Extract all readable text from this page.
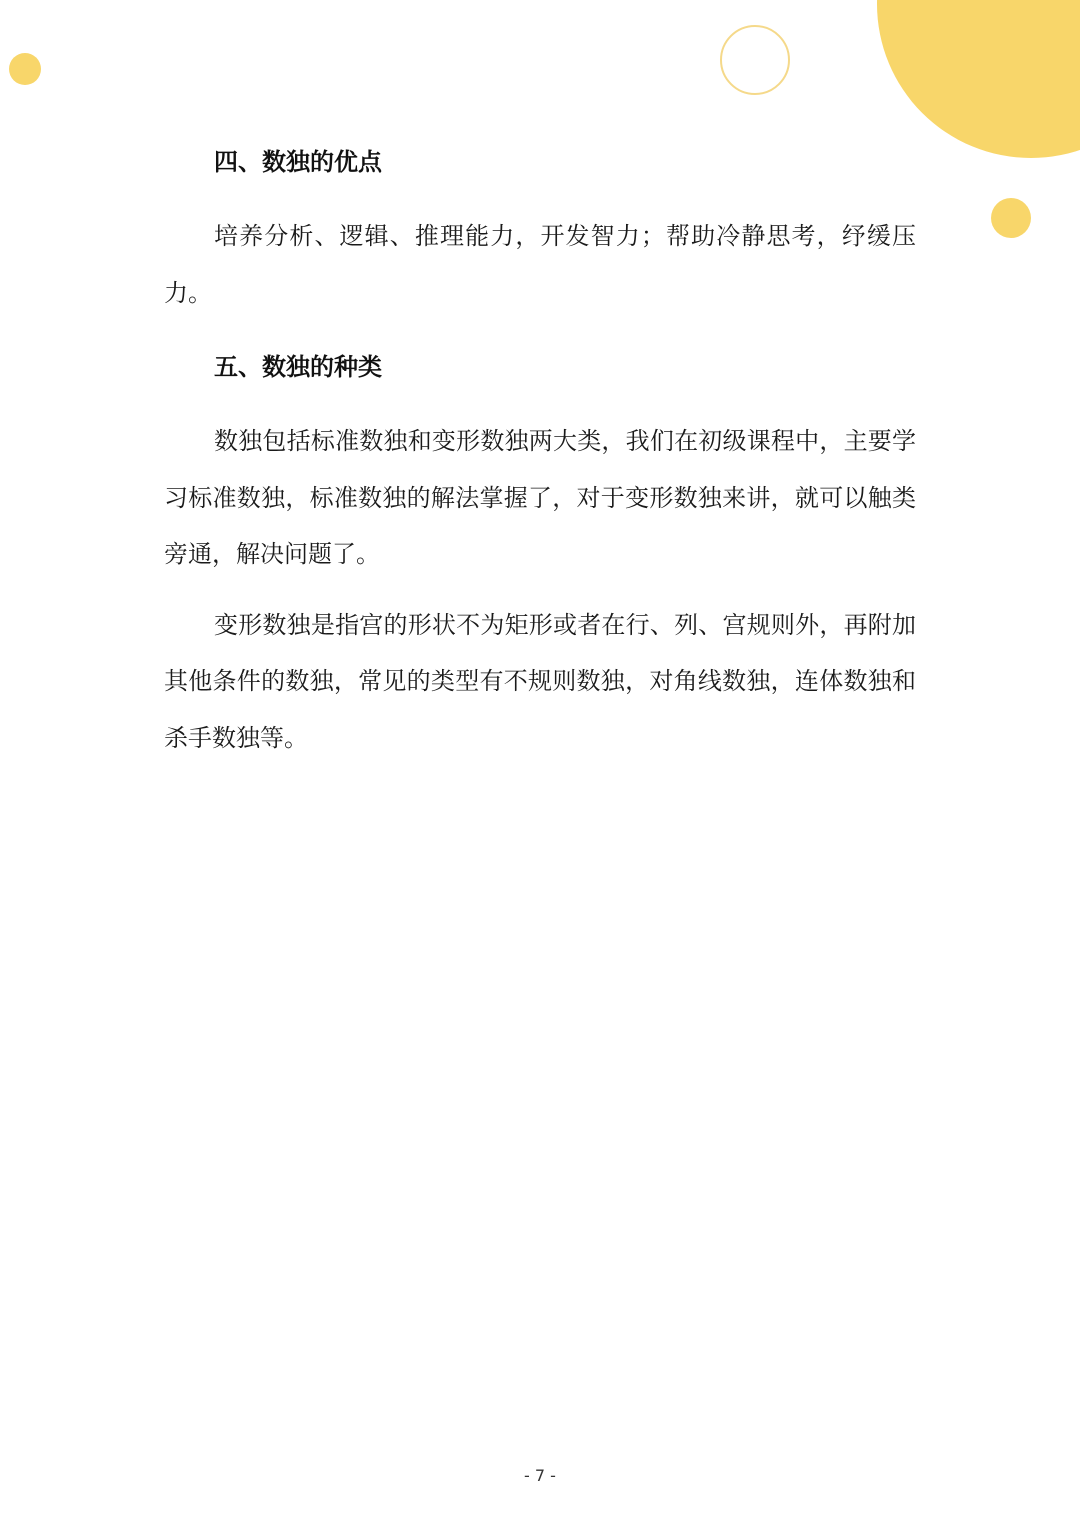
四、数独的优点

培养分析、逻辑、推理能力，开发智力；帮助冷静思考，纾缓压力。

五、数独的种类

数独包括标准数独和变形数独两大类，我们在初级课程中，主要学习标准数独，标准数独的解法掌握了，对于变形数独来讲，就可以触类旁通，解决问题了。

变形数独是指宫的形状不为矩形或者在行、列、宫规则外，再附加其他条件的数独，常见的类型有不规则数独，对角线数独，连体数独和杀手数独等。

- 7 -
